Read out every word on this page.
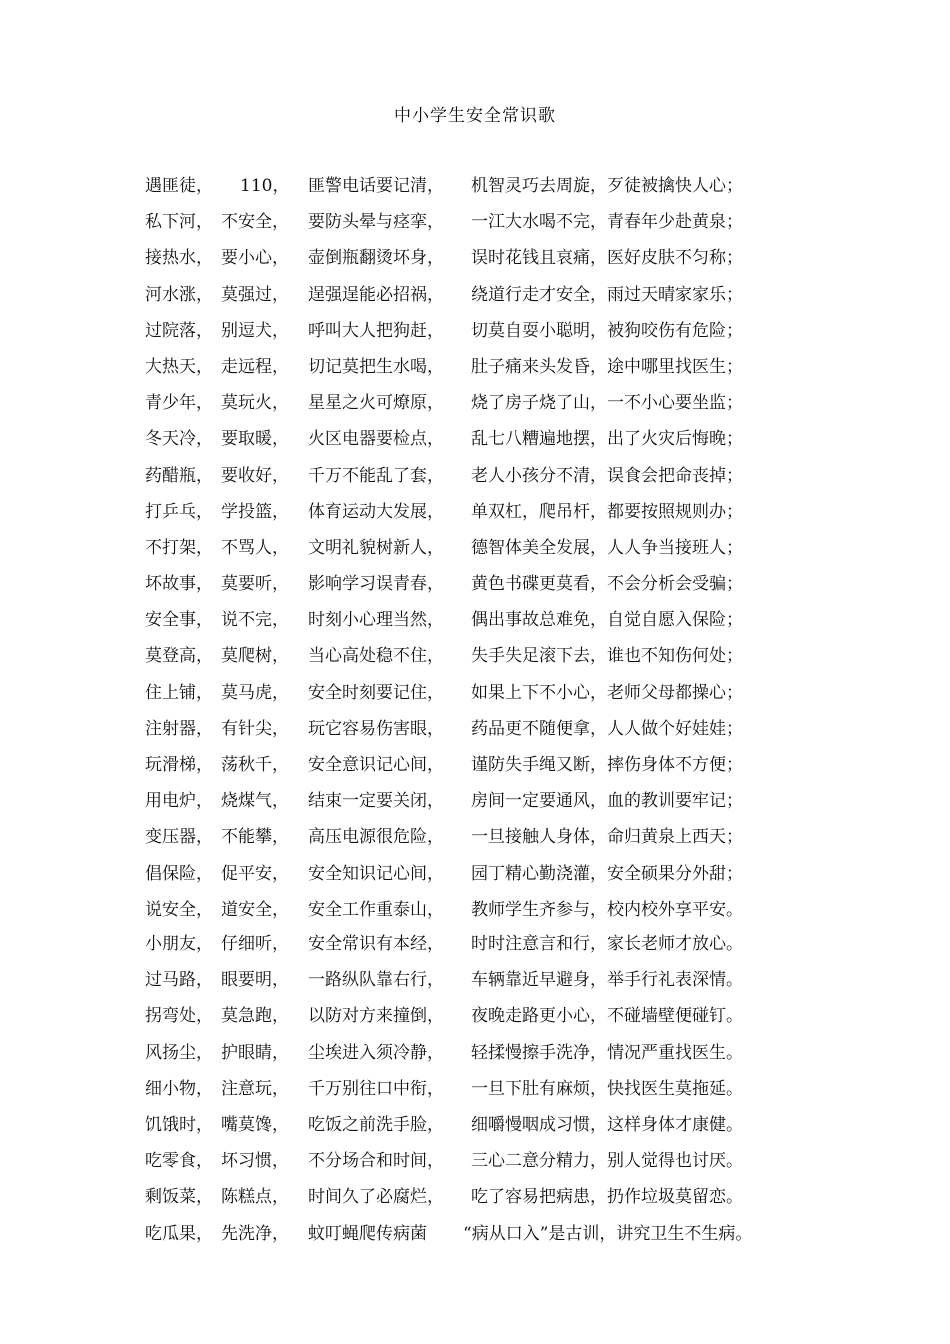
中小学生安全常识歌
遇匪徒， 110， 匪警电话要记清， 机智灵巧去周旋，歹徒被擒快人心；
私下河， 不安全， 要防头晕与痉挛， 一江大水喝不完，青春年少赴黄泉；
接热水， 要小心， 壶倒瓶翻烫坏身， 误时花钱且哀痛，医好皮肤不匀称；
河水涨， 莫强过， 逞强逞能必招祸， 绕道行走才安全，雨过天晴家家乐；
过院落， 别逗犬， 呼叫大人把狗赶， 切莫自耍小聪明，被狗咬伤有危险；
大热天， 走远程， 切记莫把生水喝， 肚子痛来头发昏，途中哪里找医生；
青少年， 莫玩火， 星星之火可燎原， 烧了房子烧了山，一不小心要坐监；
冬天冷， 要取暖， 火区电器要检点， 乱七八糟遍地摆，出了火灾后悔晚；
药醋瓶， 要收好， 千万不能乱了套， 老人小孩分不清，误食会把命丧掉；
打乒乓， 学投篮， 体育运动大发展， 单双杠，爬吊杆，都要按照规则办；
不打架， 不骂人， 文明礼貌树新人， 德智体美全发展，人人争当接班人；
坏故事， 莫要听， 影响学习误青春， 黄色书碟更莫看，不会分析会受骗；
安全事， 说不完， 时刻小心理当然， 偶出事故总难免，自觉自愿入保险；
莫登高， 莫爬树， 当心高处稳不住， 失手失足滚下去，谁也不知伤何处；
住上铺， 莫马虎， 安全时刻要记住， 如果上下不小心，老师父母都操心；
注射器， 有针尖， 玩它容易伤害眼， 药品更不随便拿，人人做个好娃娃；
玩滑梯， 荡秋千， 安全意识记心间， 谨防失手绳又断，摔伤身体不方便；
用电炉， 烧煤气， 结束一定要关闭， 房间一定要通风，血的教训要牢记；
变压器， 不能攀， 高压电源很危险， 一旦接触人身体，命归黄泉上西天；
倡保险， 促平安， 安全知识记心间， 园丁精心勤浇灌，安全硕果分外甜；
说安全， 道安全， 安全工作重泰山， 教师学生齐参与，校内校外享平安。
小朋友， 仔细听， 安全常识有本经， 时时注意言和行，家长老师才放心。
过马路， 眼要明， 一路纵队靠右行， 车辆靠近早避身，举手行礼表深情。
拐弯处， 莫急跑， 以防对方来撞倒， 夜晚走路更小心，不碰墙壁便碰钉。
风扬尘， 护眼睛， 尘埃进入须冷静， 轻揉慢擦手洗净，情况严重找医生。
细小物， 注意玩， 千万别往口中衔， 一旦下肚有麻烦，快找医生莫拖延。
饥饿时， 嘴莫馋， 吃饭之前洗手脸， 细嚼慢咽成习惯，这样身体才康健。
吃零食， 坏习惯， 不分场合和时间， 三心二意分精力，别人觉得也讨厌。
剩饭菜， 陈糕点， 时间久了必腐烂， 吃了容易把病患，扔作垃圾莫留恋。
吃瓜果， 先洗净， 蚊叮蝇爬传病菌 “病从口入”是古训，讲究卫生不生病。
